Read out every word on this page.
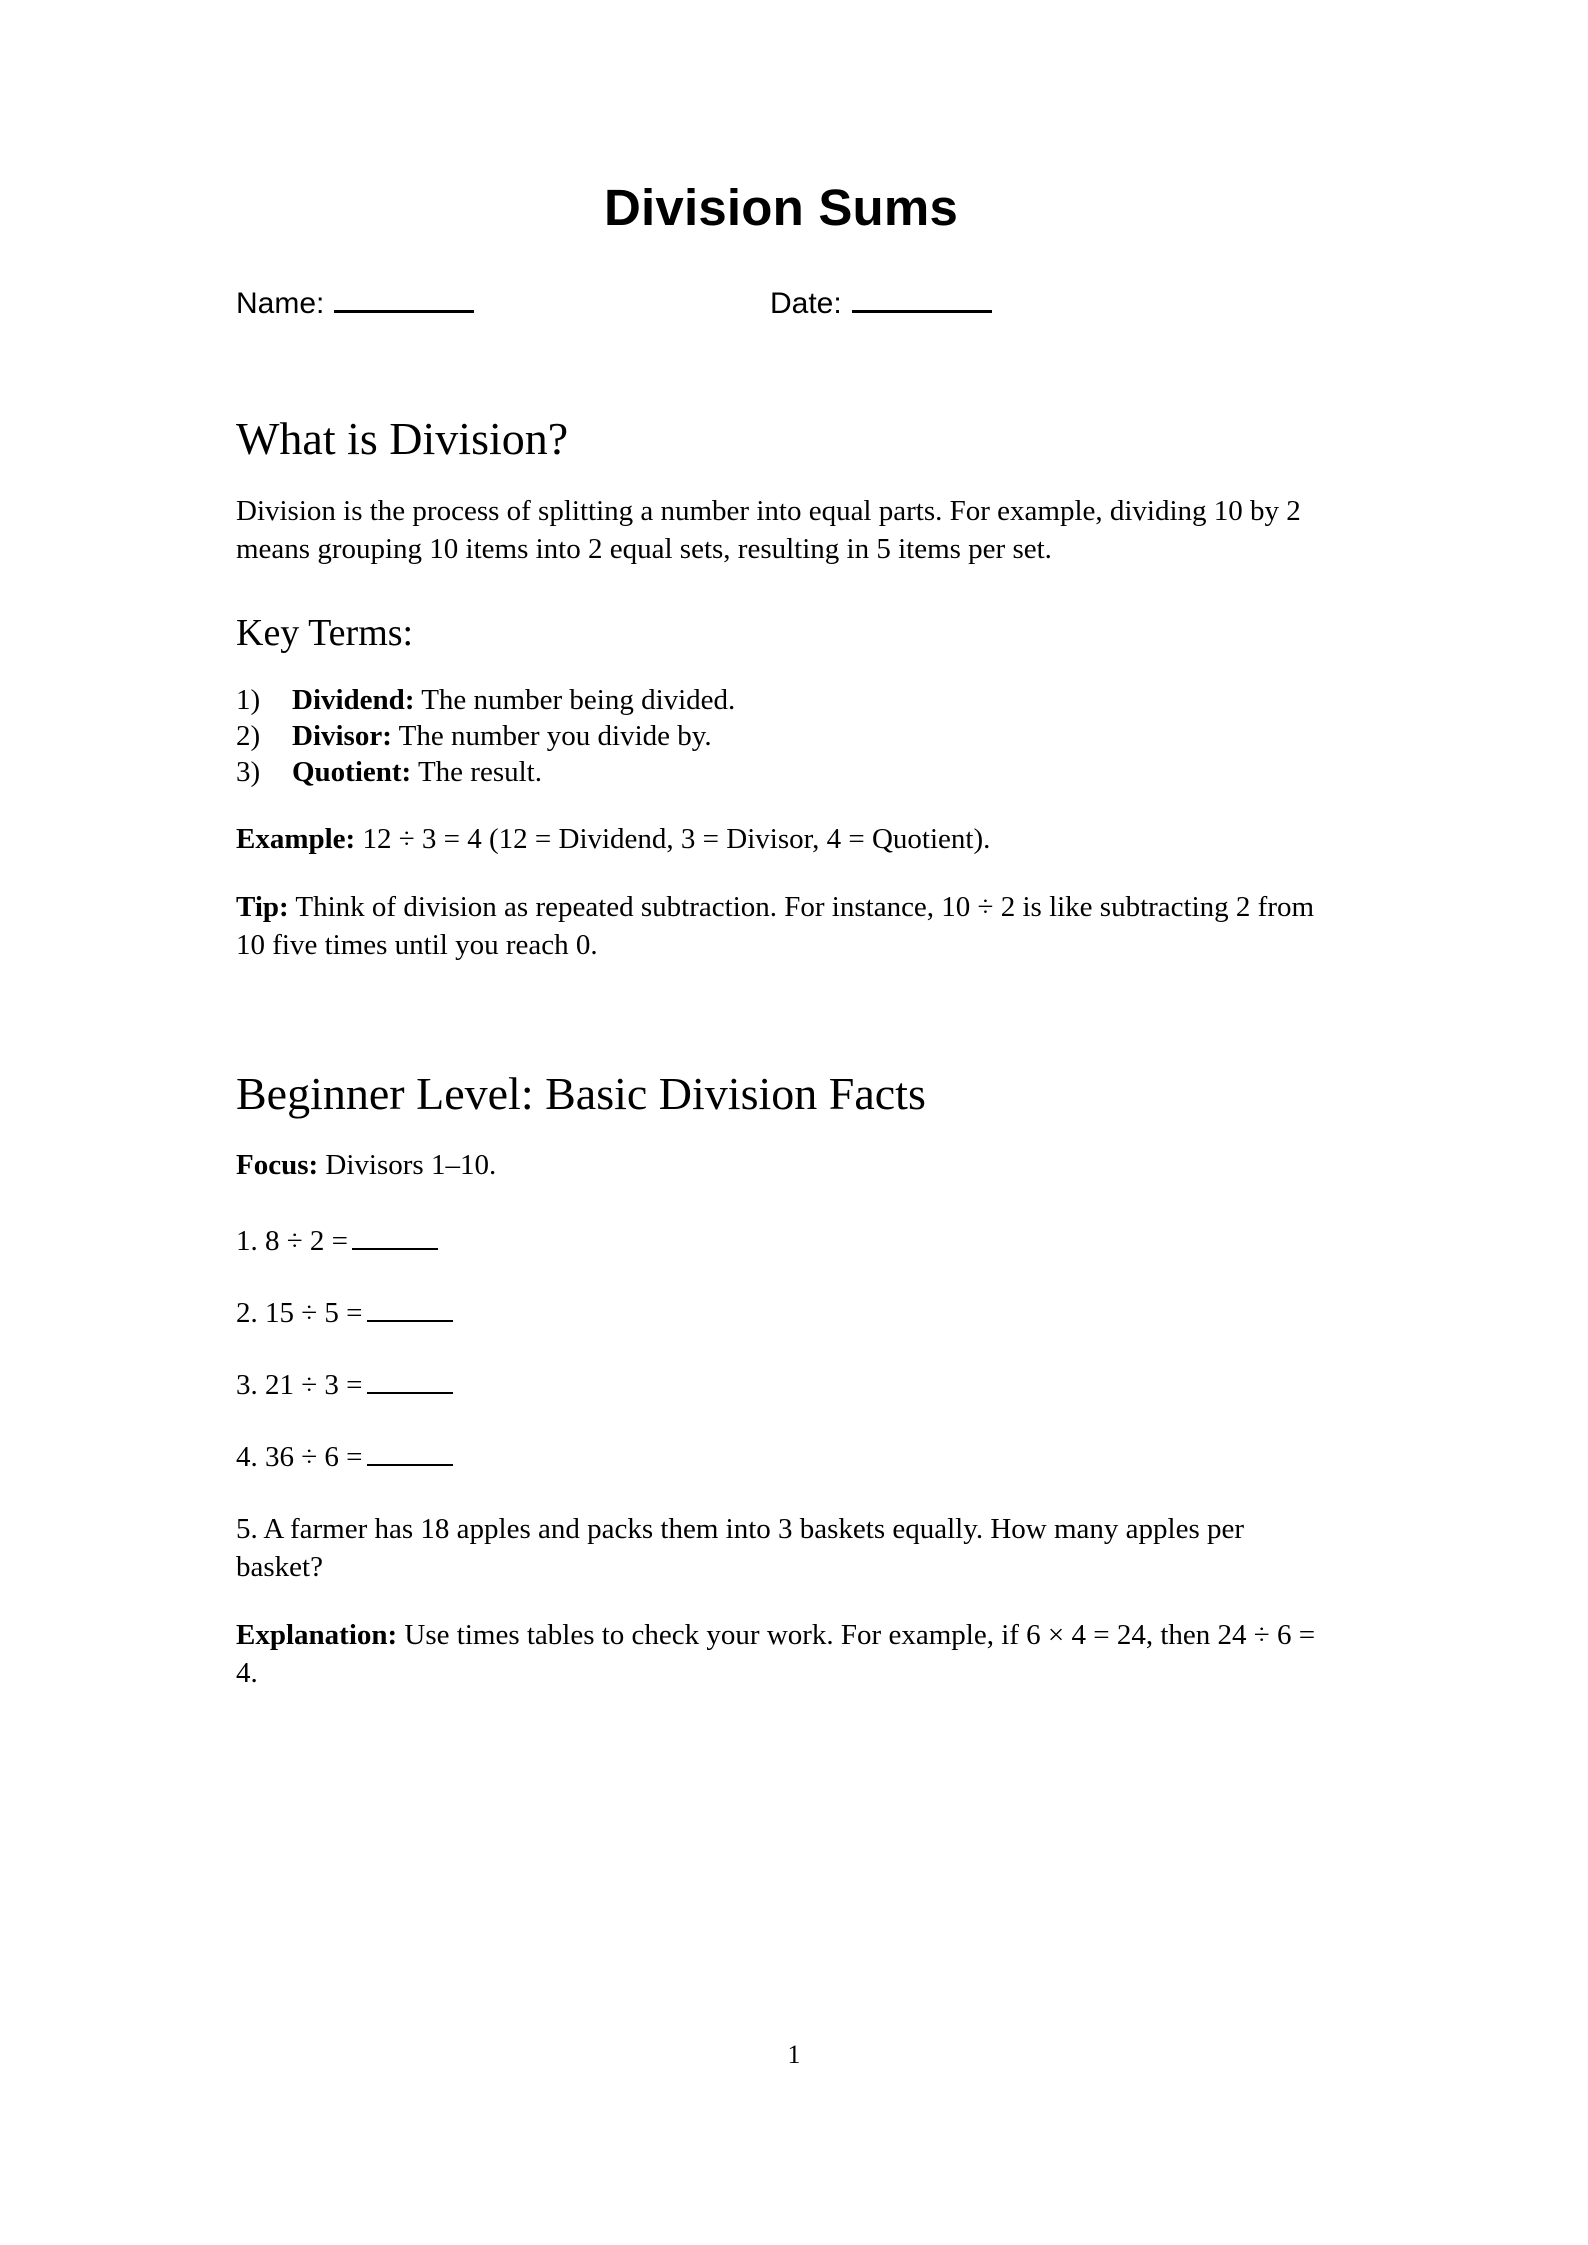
Division Sums
Name:	Date:
What is Division?

Division is the process of splitting a number into equal parts. For example, dividing 10 by 2 means grouping 10 items into 2 equal sets, resulting in 5 items per set.

Key Terms:
1)	Dividend: The number being divided.
2)	Divisor: The number you divide by.
3)	Quotient: The result.

Example: 12 ÷ 3 = 4 (12 = Dividend, 3 = Divisor, 4 = Quotient).

Tip: Think of division as repeated subtraction. For instance, 10 ÷ 2 is like subtracting 2 from 10 five times until you reach 0.

Beginner Level: Basic Division Facts

Focus: Divisors 1–10.

1. 8 ÷ 2 =

2. 15 ÷ 5 =

3. 21 ÷ 3 =

4. 36 ÷ 6 =

5. A farmer has 18 apples and packs them into 3 baskets equally. How many apples per basket?

Explanation: Use times tables to check your work. For example, if 6 × 4 = 24, then 24 ÷ 6 = 4.

1
